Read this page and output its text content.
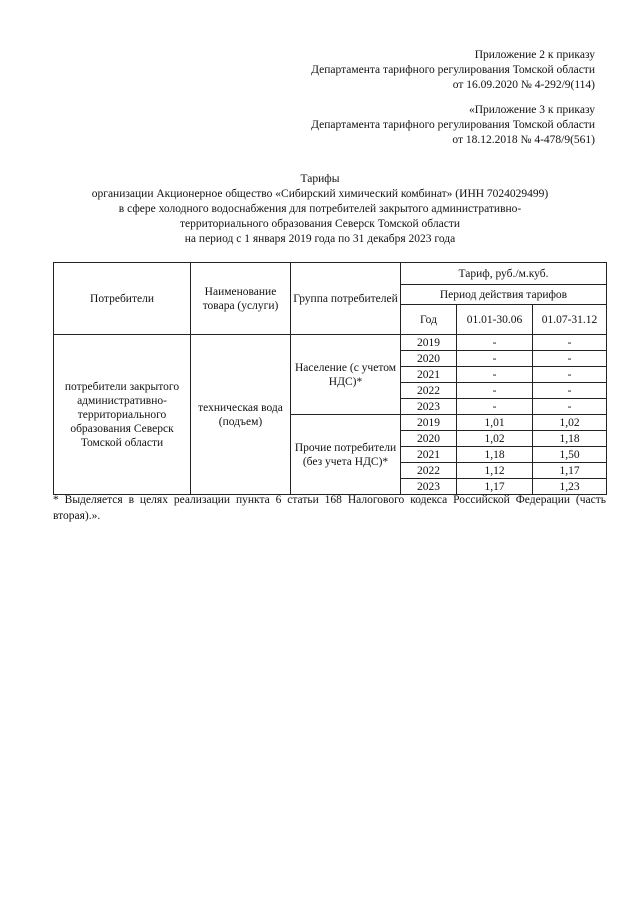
Приложение 2 к приказу
Департамента тарифного регулирования Томской области
от 16.09.2020 № 4-292/9(114)
«Приложение 3 к приказу
Департамента тарифного регулирования Томской области
от 18.12.2018 № 4-478/9(561)
Тарифы
организации Акционерное общество «Сибирский химический комбинат» (ИНН 7024029499)
в сфере холодного водоснабжения для потребителей закрытого административно-
территориального образования Северск Томской области
на период с 1 января 2019 года по 31 декабря 2023 года
Потребители	Наименование товара (услуги)	Группа потребителей	Тариф, руб./м.куб.		
			Период действия тарифов		
			Год	01.01-30.06	01.07-31.12
потребители закрытого административно-территориального образования Северск Томской области	техническая вода (подъем)	Население (с учетом НДС)*	2019	-	-
			2020	-	-
			2021	-	-
			2022	-	-
			2023	-	-
		Прочие потребители (без учета НДС)*	2019	1,01	1,02
			2020	1,02	1,18
			2021	1,18	1,50
			2022	1,12	1,17
			2023	1,17	1,23
* Выделяется в целях реализации пункта 6 статьи 168 Налогового кодекса Российской Федерации (часть вторая).».
